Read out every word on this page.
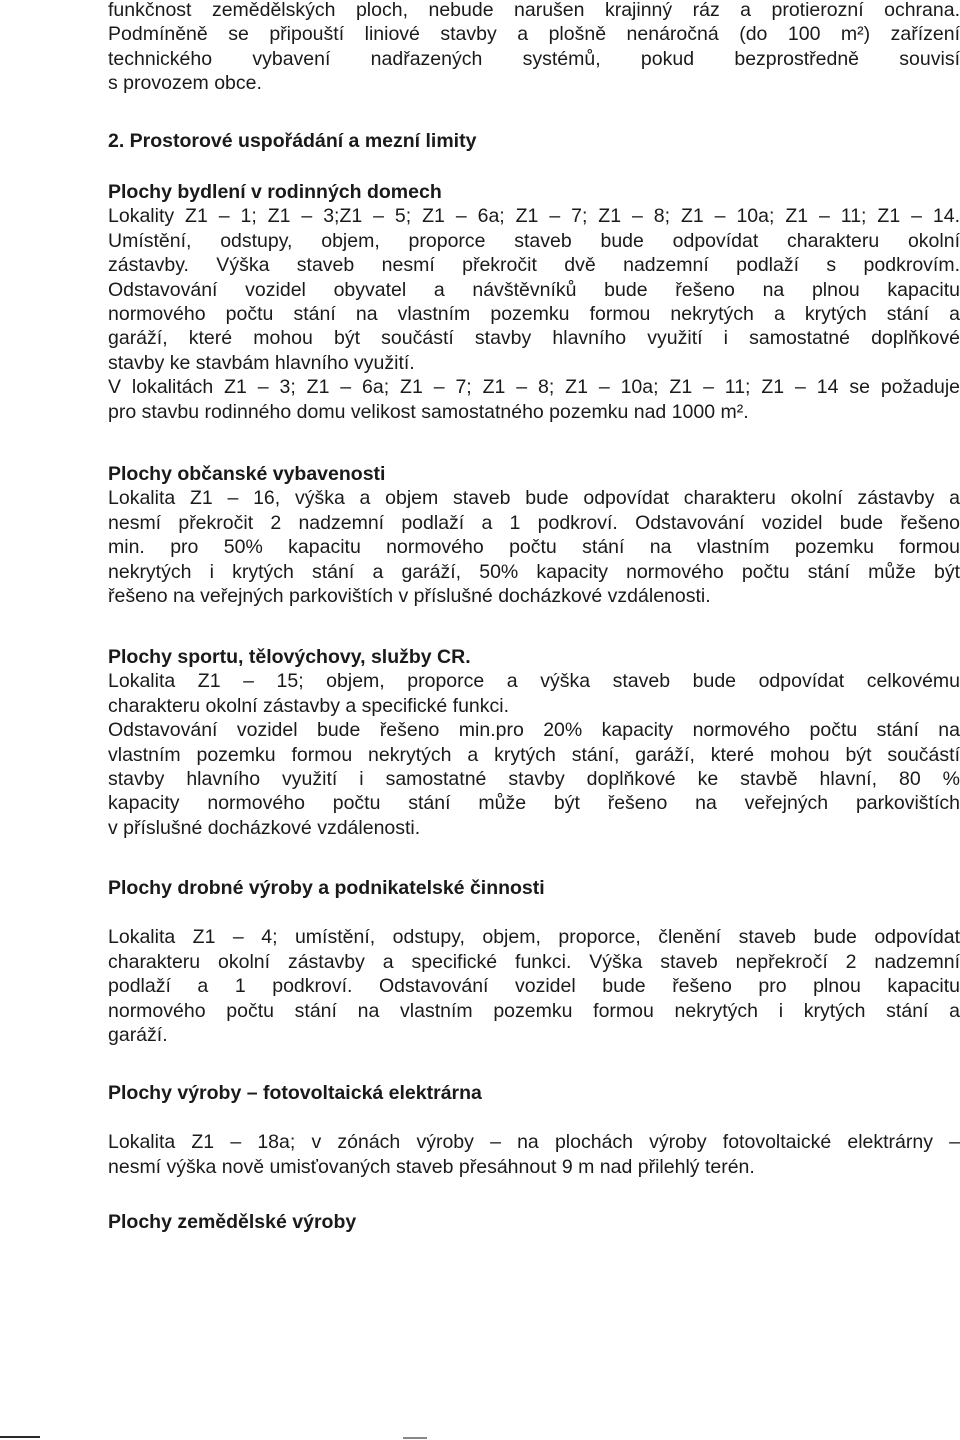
funkčnost zemědělských ploch, nebude narušen krajinný ráz a protierozní ochrana.
Podmíněně se připouští liniové stavby a plošně nenáročná (do 100 m²) zařízení
technického vybavení nadřazených systémů, pokud bezprostředně souvisí
s provozem obce.

2. Prostorové uspořádání a mezní limity

Plochy bydlení v rodinných domech

Lokality Z1 – 1; Z1 – 3;Z1 – 5; Z1 – 6a; Z1 – 7; Z1 – 8; Z1 – 10a; Z1 – 11; Z1 – 14.
Umístění, odstupy, objem, proporce staveb bude odpovídat charakteru okolní
zástavby. Výška staveb nesmí překročit dvě nadzemní podlaží s podkrovím.
Odstavování vozidel obyvatel a návštěvníků bude řešeno na plnou kapacitu
normového počtu stání na vlastním pozemku formou nekrytých a krytých stání a
garáží, které mohou být součástí stavby hlavního využití i samostatné doplňkové
stavby ke stavbám hlavního využití.
V lokalitách Z1 – 3; Z1 – 6a; Z1 – 7; Z1 – 8; Z1 – 10a; Z1 – 11; Z1 – 14 se požaduje
pro stavbu rodinného domu velikost samostatného pozemku nad 1000 m².

Plochy občanské vybavenosti

Lokalita Z1 – 16, výška a objem staveb bude odpovídat charakteru okolní zástavby a
nesmí překročit 2 nadzemní podlaží a 1 podkroví. Odstavování vozidel bude řešeno
min. pro 50% kapacitu normového počtu stání na vlastním pozemku formou
nekrytých i krytých stání a garáží, 50% kapacity normového počtu stání může být
řešeno na veřejných parkovištích v příslušné docházkové vzdálenosti.

Plochy sportu, tělovýchovy, služby CR.

Lokalita Z1 – 15; objem, proporce a výška staveb bude odpovídat celkovému
charakteru okolní zástavby a specifické funkci.
Odstavování vozidel bude řešeno min.pro 20% kapacity normového počtu stání na
vlastním pozemku formou nekrytých a krytých stání, garáží, které mohou být součástí
stavby hlavního využití i samostatné stavby doplňkové ke stavbě hlavní, 80 %
kapacity normového počtu stání může být řešeno na veřejných parkovištích
v příslušné docházkové vzdálenosti.

Plochy drobné výroby a podnikatelské činnosti

Lokalita Z1 – 4; umístění, odstupy, objem, proporce, členění staveb bude odpovídat
charakteru okolní zástavby a specifické funkci. Výška staveb nepřekročí 2 nadzemní
podlaží a 1 podkroví. Odstavování vozidel bude řešeno pro plnou kapacitu
normového počtu stání na vlastním pozemku formou nekrytých i krytých stání a
garáží.

Plochy výroby – fotovoltaická elektrárna

Lokalita Z1 – 18a; v zónách výroby – na plochách výroby fotovoltaické elektrárny –
nesmí výška nově umisťovaných staveb přesáhnout 9 m nad přilehlý terén.

Plochy zemědělské výroby
